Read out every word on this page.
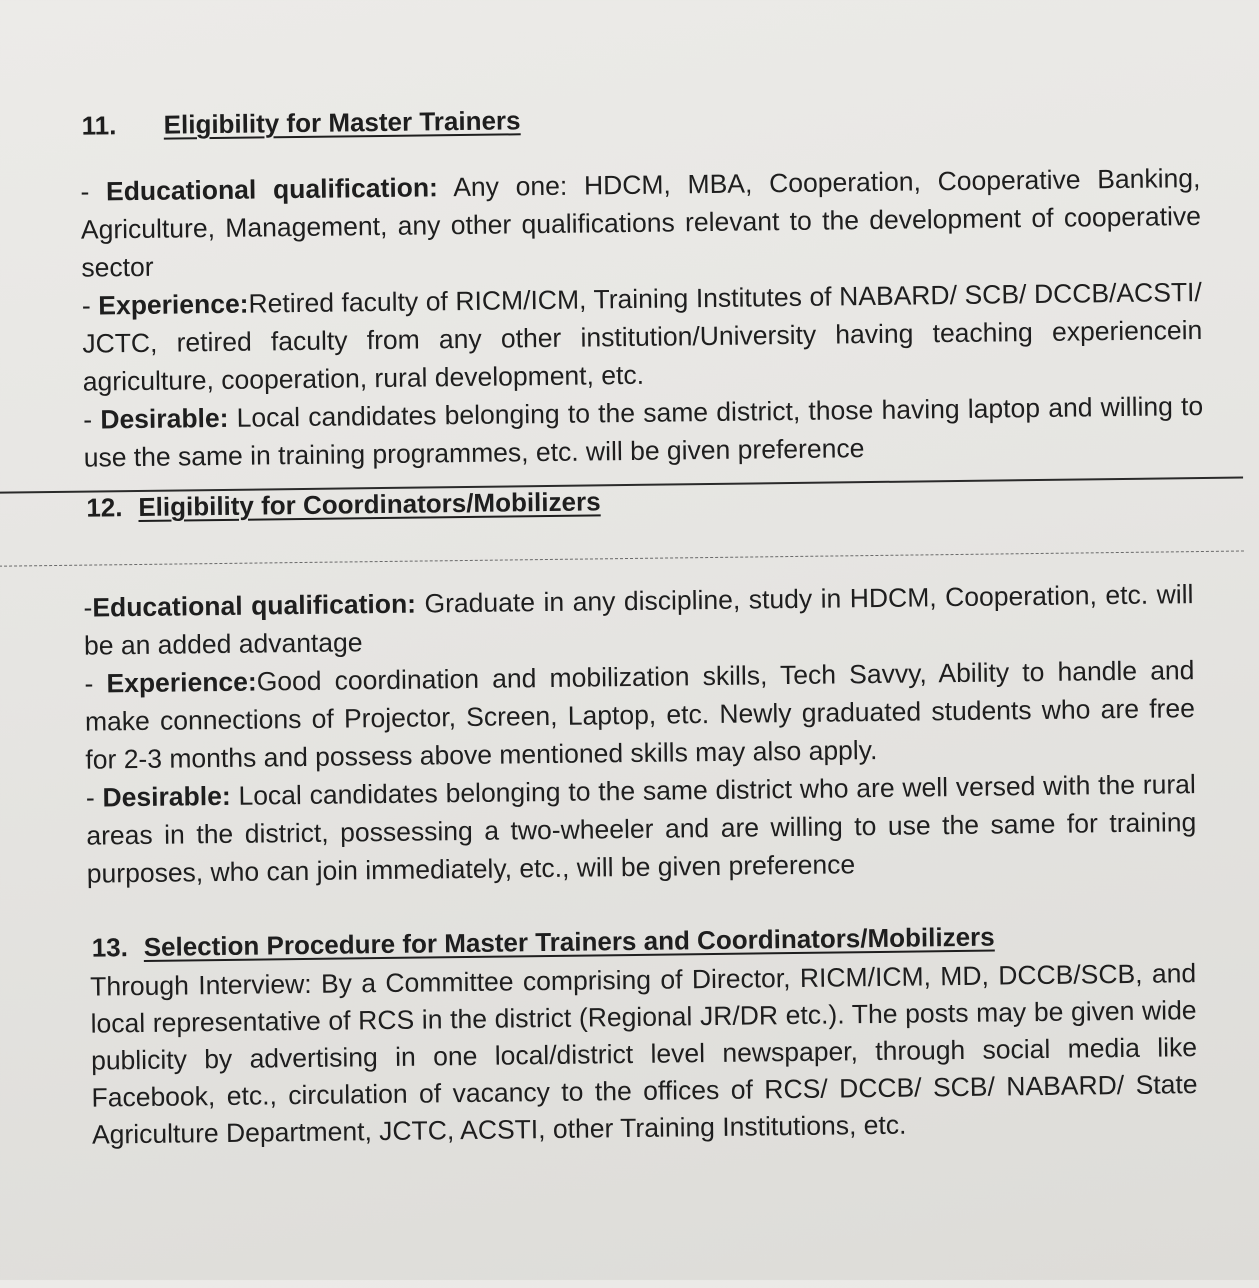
11. Eligibility for Master Trainers

- Educational qualification: Any one: HDCM, MBA, Cooperation, Cooperative Banking, Agriculture, Management, any other qualifications relevant to the development of cooperative sector

- Experience:Retired faculty of RICM/ICM, Training Institutes of NABARD/ SCB/ DCCB/ACSTI/ JCTC, retired faculty from any other institution/University having teaching experiencein agriculture, cooperation, rural development, etc.

- Desirable: Local candidates belonging to the same district, those having laptop and willing to use the same in training programmes, etc. will be given preference

12. Eligibility for Coordinators/Mobilizers

-Educational qualification: Graduate in any discipline, study in HDCM, Cooperation, etc. will be an added advantage

- Experience:Good coordination and mobilization skills, Tech Savvy, Ability to handle and make connections of Projector, Screen, Laptop, etc. Newly graduated students who are free for 2-3 months and possess above mentioned skills may also apply.

- Desirable: Local candidates belonging to the same district who are well versed with the rural areas in the district, possessing a two-wheeler and are willing to use the same for training purposes, who can join immediately, etc., will be given preference

13. Selection Procedure for Master Trainers and Coordinators/Mobilizers

Through Interview: By a Committee comprising of Director, RICM/ICM, MD, DCCB/SCB, and local representative of RCS in the district (Regional JR/DR etc.). The posts may be given wide publicity by advertising in one local/district level newspaper, through social media like Facebook, etc., circulation of vacancy to the offices of RCS/ DCCB/ SCB/ NABARD/ State Agriculture Department, JCTC, ACSTI, other Training Institutions, etc.
